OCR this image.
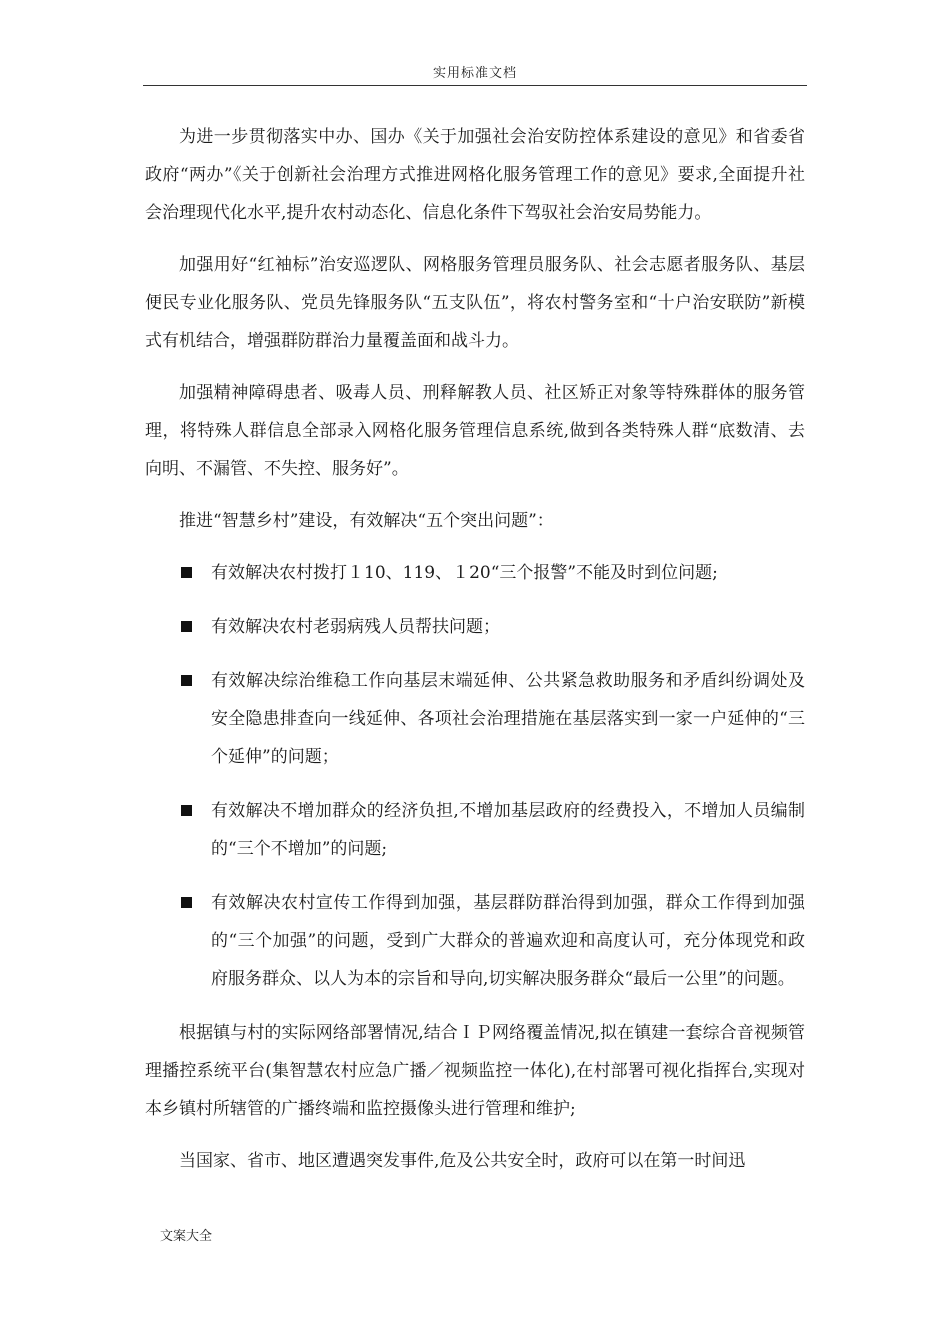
实用标准文档

为进一步贯彻落实中办、国办《关于加强社会治安防控体系建设的意见》和省委省政府“两办”《关于创新社会治理方式推进网格化服务管理工作的意见》要求,全面提升社会治理现代化水平,提升农村动态化、信息化条件下驾驭社会治安局势能力。

加强用好“红袖标”治安巡逻队、网格服务管理员服务队、社会志愿者服务队、基层便民专业化服务队、党员先锋服务队“五支队伍”，将农村警务室和“十户治安联防”新模式有机结合，增强群防群治力量覆盖面和战斗力。

加强精神障碍患者、吸毒人员、刑释解教人员、社区矫正对象等特殊群体的服务管理，将特殊人群信息全部录入网格化服务管理信息系统,做到各类特殊人群“底数清、去向明、不漏管、不失控、服务好”。

推进“智慧乡村”建设，有效解决“五个突出问题”：

有效解决农村拨打１10、119、１20“三个报警”不能及时到位问题;
有效解决农村老弱病残人员帮扶问题；
有效解决综治维稳工作向基层末端延伸、公共紧急救助服务和矛盾纠纷调处及安全隐患排查向一线延伸、各项社会治理措施在基层落实到一家一户延伸的“三个延伸”的问题；
有效解决不增加群众的经济负担,不增加基层政府的经费投入，不增加人员编制的“三个不增加”的问题;
有效解决农村宣传工作得到加强，基层群防群治得到加强，群众工作得到加强的“三个加强”的问题，受到广大群众的普遍欢迎和高度认可，充分体现党和政府服务群众、以人为本的宗旨和导向,切实解决服务群众“最后一公里”的问题。

根据镇与村的实际网络部署情况,结合ＩＰ网络覆盖情况,拟在镇建一套综合音视频管理播控系统平台(集智慧农村应急广播／视频监控一体化),在村部署可视化指挥台,实现对本乡镇村所辖管的广播终端和监控摄像头进行管理和维护;

当国家、省市、地区遭遇突发事件,危及公共安全时，政府可以在第一时间迅

文案大全
